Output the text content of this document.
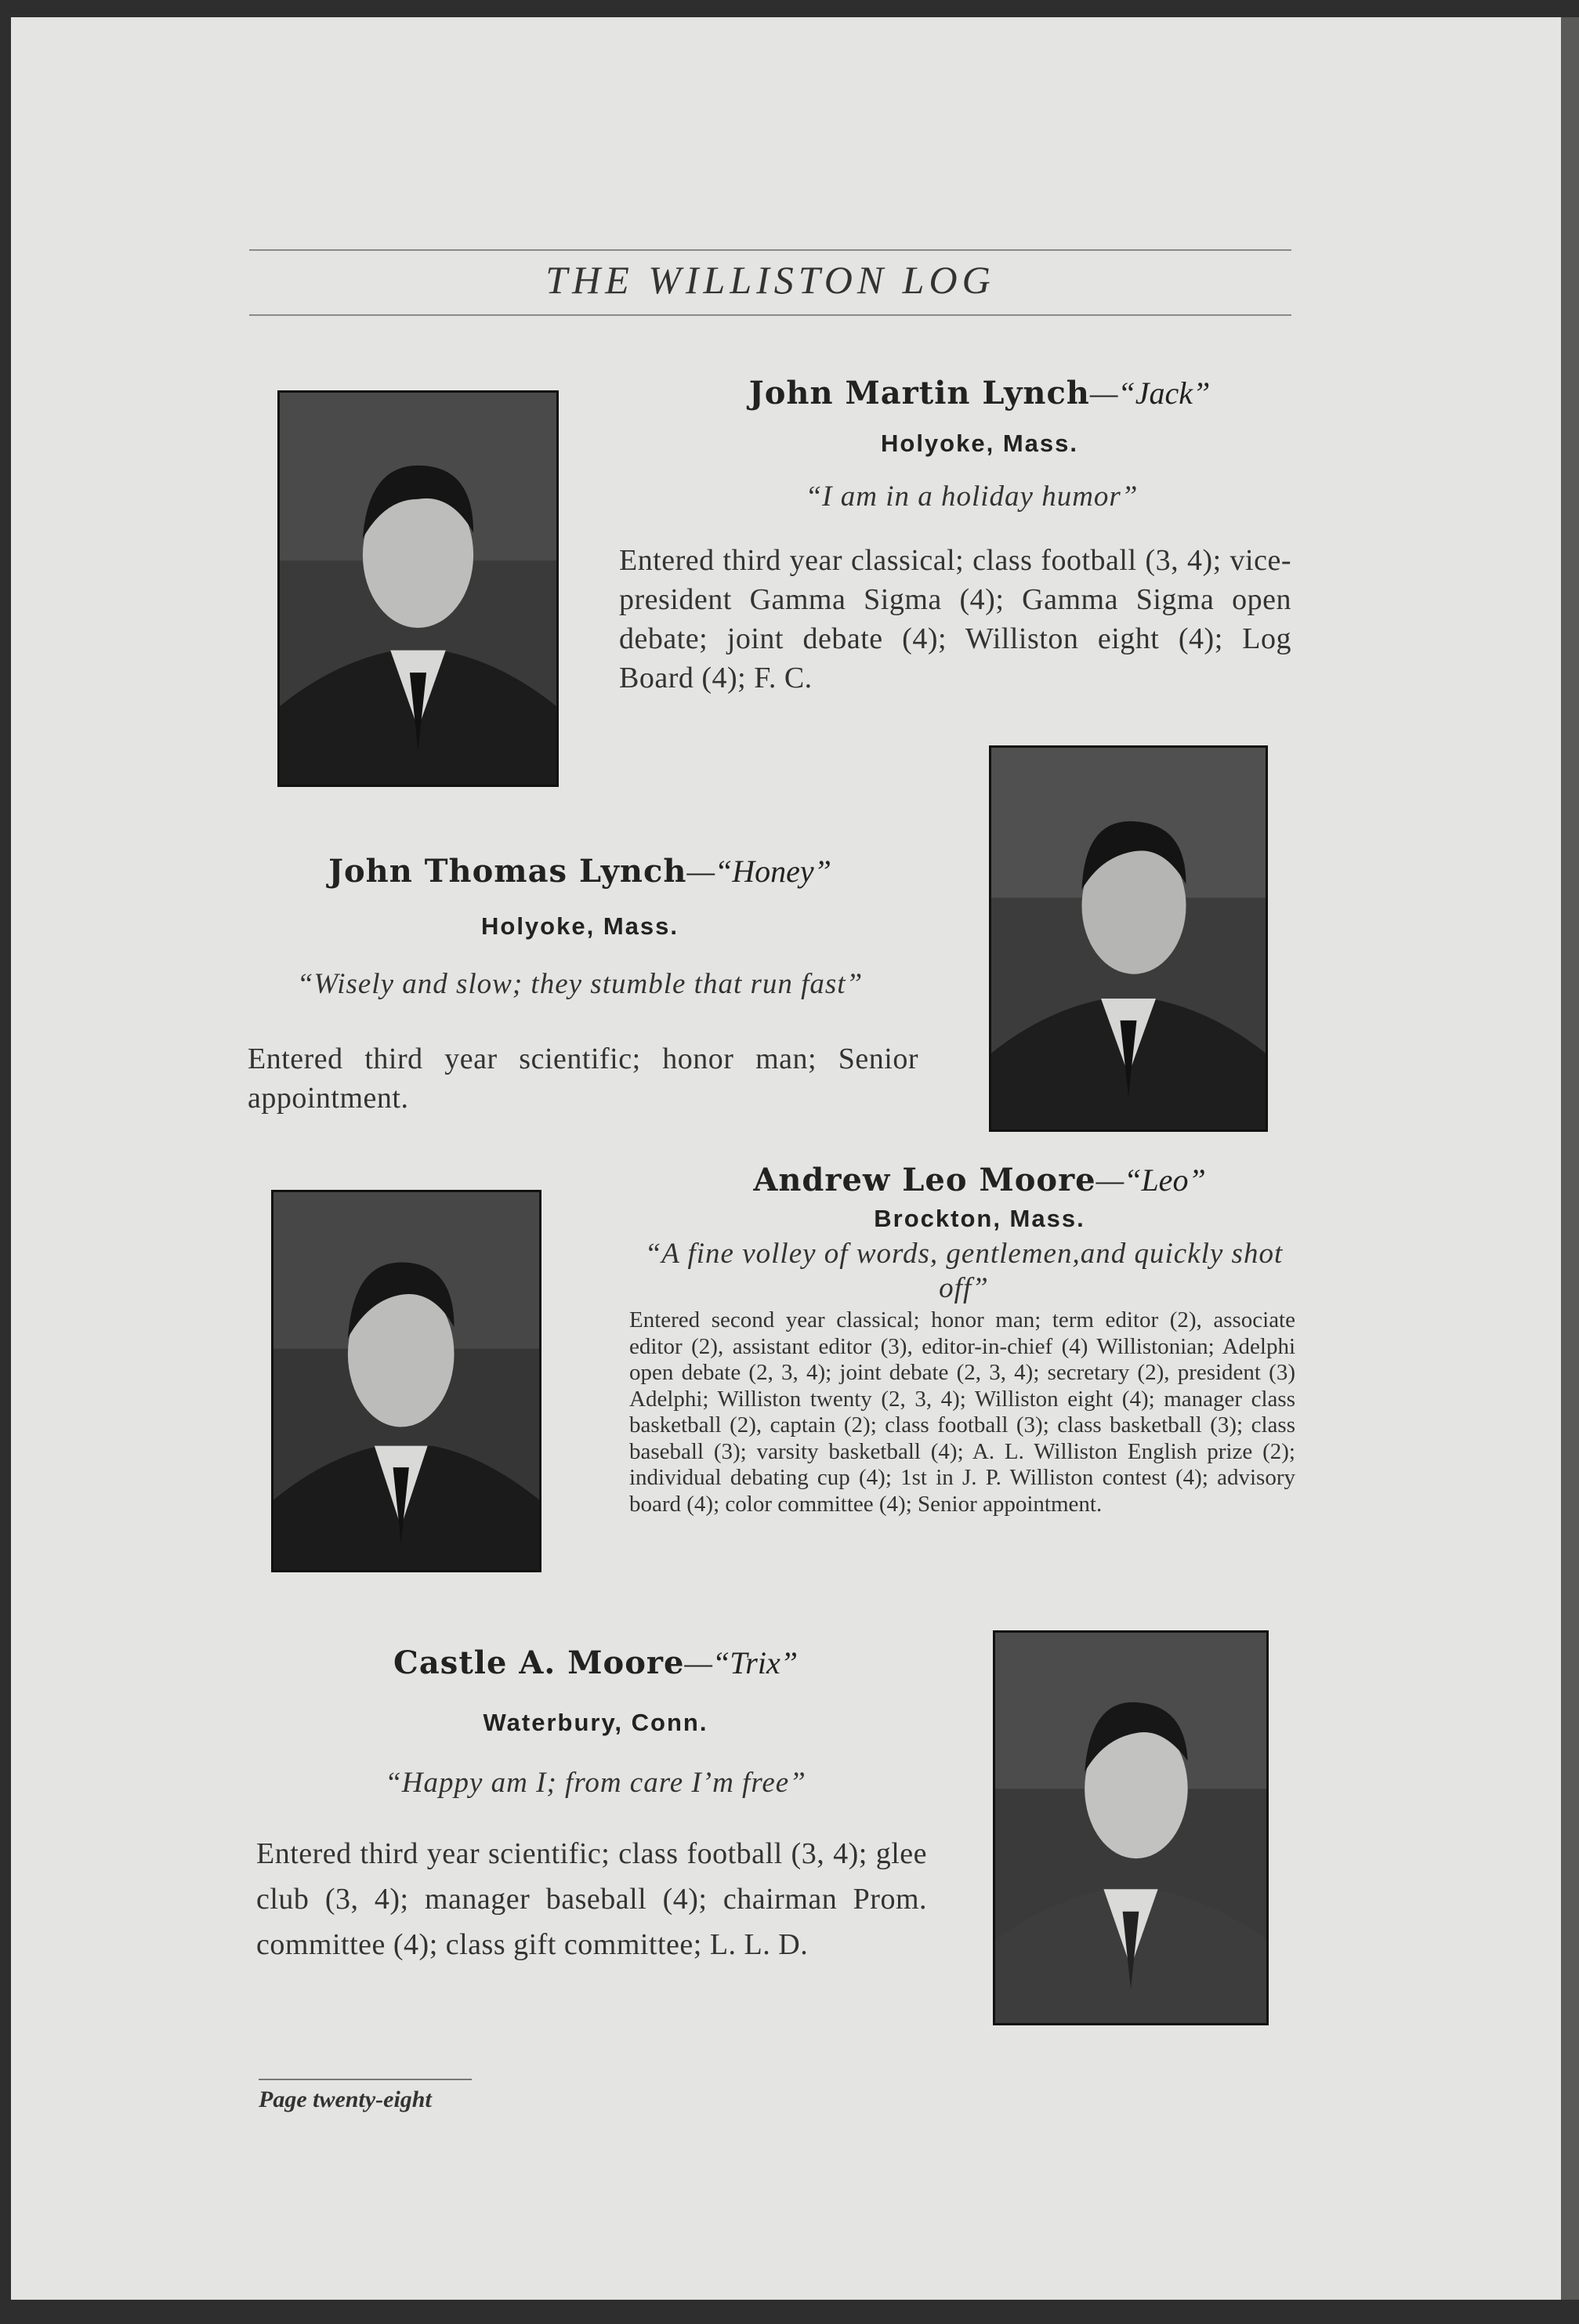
THE WILLISTON LOG
John Martin Lynch—“Jack”
Holyoke, Mass.
“I am in a holiday humor”
Entered third year classical; class football (3, 4); vice-president Gamma Sigma (4); Gamma Sigma open debate; joint debate (4); Williston eight (4); Log Board (4); F. C.
John Thomas Lynch—“Honey”
Holyoke, Mass.
“Wisely and slow; they stumble that run fast”
Entered third year scientific; honor man; Senior appointment.
Andrew Leo Moore—“Leo”
Brockton, Mass.
“A fine volley of words, gentlemen,and quickly shot off”
Entered second year classical; honor man; term editor (2), associate editor (2), assistant editor (3), editor-in-chief (4) Willistonian; Adelphi open debate (2, 3, 4); joint debate (2, 3, 4); secretary (2), president (3) Adelphi; Williston twenty (2, 3, 4); Williston eight (4); manager class basketball (2), captain (2); class football (3); class basketball (3); class baseball (3); varsity basketball (4); A. L. Williston English prize (2); individual debating cup (4); 1st in J. P. Williston contest (4); advisory board (4); color committee (4); Senior appointment.
Castle A. Moore—“Trix”
Waterbury, Conn.
“Happy am I; from care I’m free”
Entered third year scientific; class football (3, 4); glee club (3, 4); manager baseball (4); chairman Prom. committee (4); class gift committee; L. L. D.
Page twenty-eight
